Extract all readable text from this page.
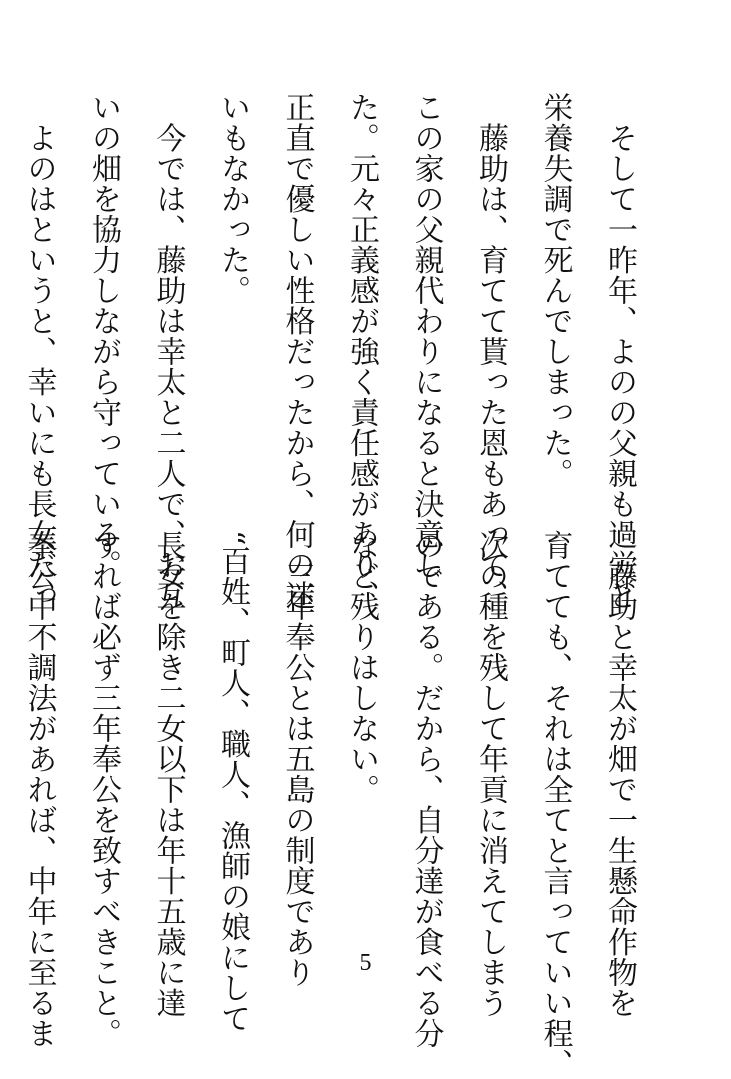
　そして一昨年、よのの父親も過労と
栄養失調で死んでしまった。
　藤助は、育てて貰った恩もあって、
この家の父親代わりになると決意し
た。元々正義感が強く責任感があり、
正直で優しい性格だったから、何の迷
いもなかった。
　今では、藤助は幸太と二人で、お互
いの畑を協力しながら守っている。
　よのはというと、幸いにも長女だっ
　藤助と幸太が畑で一生懸命作物を
育てても、それは全てと言っていい程、
次の種を残して年貢に消えてしまう
のである。だから、自分達が食べる分
など残りはしない。
　三年奉公とは五島の制度であり
“百姓、町人、職人、漁師の娘にして
長女を除き二女以下は年十五歳に達
すれば必ず三年奉公を致すべきこと。
奉公中不調法があれば、中年に至るま	5
